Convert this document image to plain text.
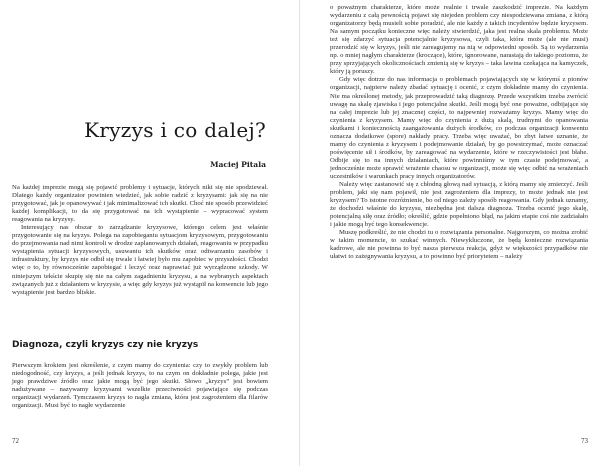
Kryzys i co dalej?
Maciej Pitala

Na każdej imprezie mogą się pojawić problemy i sytuacje, których nikt się nie spodziewał. Dlatego każdy organizator powinien wiedzieć, jak sobie radzić z kryzysami: jak się na nie przygotować, jak je opanowywać i jak minimalizować ich skutki. Choć nie sposób przewidzieć każdej komplikacji, to da się przygotować na ich wystąpienie – wypracować system reagowania na kryzysy.

Interesujący nas obszar to zarządzanie kryzysowe, którego celem jest właśnie przygotowanie się na kryzys. Polega na zapobieganiu sytuacjom kryzysowym, przygotowaniu do przejmowania nad nimi kontroli w drodze zaplanowanych działań, reagowaniu w przypadku wystąpienia sytuacji kryzysowych, usuwaniu ich skutków oraz odtwarzaniu zasobów i infrastruktury, by kryzys nie odbił się trwale i łatwiej było mu zapobiec w przyszłości. Chodzi więc o to, by równocześnie zapobiegać i leczyć oraz naprawiać już wyrządzone szkody. W niniejszym tekście skupię się nie na całym zagadnieniu kryzysu, a na wybranych aspektach związanych już z działaniem w kryzysie, a więc gdy kryzys już wystąpił na konwencie lub jego wystąpienie jest bardzo bliskie.

Diagnoza, czyli kryzys czy nie kryzys

Pierwszym krokiem jest określenie, z czym mamy do czynienia: czy to zwykły problem lub niedogodność, czy kryzys, a jeśli jednak kryzys, to na czym on dokładnie polega, jakie jest jego prawdziwe źródło oraz jakie mogą być jego skutki. Słowo „kryzys” jest bowiem nadużywane – nazywamy kryzysami wszelkie przeciwności pojawiające się podczas organizacji wydarzeń. Tymczasem kryzys to nagła zmiana, która jest zagrożeniem dla filarów organizacji. Musi być to nagłe wydarzenie

72

o poważnym charakterze, które może realnie i trwale zaszkodzić imprezie. Na każdym wydarzeniu z całą pewnością pojawi się niejeden problem czy niespodziewana zmiana, z którą organizatorzy będą musieli sobie poradzić, ale nie każdy z takich incydentów będzie kryzysem. Na samym początku konieczne więc należy stwierdzić, jaka jest realna skala problemu. Może też się zdarzyć sytuacja potencjalnie kryzysowa, czyli taka, która może (ale nie musi) przerodzić się w kryzys, jeśli nie zareagujemy na nią w odpowiedni sposób. Są to wydarzenia np. o mniej nagłym charakterze (kroczące), które, ignorowane, narastają do takiego poziomu, że przy sprzyjających okolicznościach zmienią się w kryzys – taka lawina czekająca na kamyczek, który ją poruszy.

Gdy więc dotrze do nas informacja o problemach pojawiających się w którymś z pionów organizacji, najpierw należy zbadać sytuację i ocenić, z czym dokładnie mamy do czynienia. Nie ma określonej metody, jak przeprowadzić taką diagnozę. Przede wszystkim trzeba zwrócić uwagę na skalę zjawiska i jego potencjalne skutki. Jeśli mogą być one poważne, odbijające się na całej imprezie lub jej znacznej części, to najpewniej rozważamy kryzys. Mamy więc do czynienia z kryzysem. Mamy więc do czynienia z dużą skalą, trudnymi do opanowania skutkami i koniecznością zaangażowania dużych środków, co podczas organizacji konwentu oznacza dodatkowe (spore) nakłady pracy. Trzeba więc uważać, bo zbyt łatwe uznanie, że mamy do czynienia z kryzysem i podejmowanie działań, by go powstrzymać, może oznaczać poświęcenie sił i środków, by zareagować na wydarzenie, które w rzeczywistości jest błahe. Odbije się to na innych działaniach, które powinniśmy w tym czasie podejmować, a jednocześnie może sprawić wrażenie chaosu w organizacji, może się więc odbić na wrażeniach uczestników i warunkach pracy innych organizatorów.

Należy więc zastanowić się z chłodną głową nad sytuacją, z którą mamy się zmierzyć. Jeśli problem, jaki się nam pojawił, nie jest zagrożeniem dla imprezy, to może jednak nie jest kryzysem? To istotne rozróżnienie, bo od niego zależy sposób reagowania. Gdy jednak uznamy, że dochodzi właśnie do kryzysu, niezbędna jest dalsza diagnoza. Trzeba ocenić jego skalę, potencjalną siłę oraz źródło; określić, gdzie popełniono błąd, na jakim etapie coś nie zadziałało i jakie mogą być tego konsekwencje.

Muszę podkreślić, że nie chodzi tu o rozwiązania personalne. Najgorszym, co można zrobić w takim momencie, to szukać winnych. Niewykluczone, że będą konieczne rozwiązania kadrowe, ale nie powinna to być nasza pierwsza reakcja, gdyż w większości przypadków nie ułatwi to zażegnywania kryzysu, a to powinno być priorytetem – należy

73
